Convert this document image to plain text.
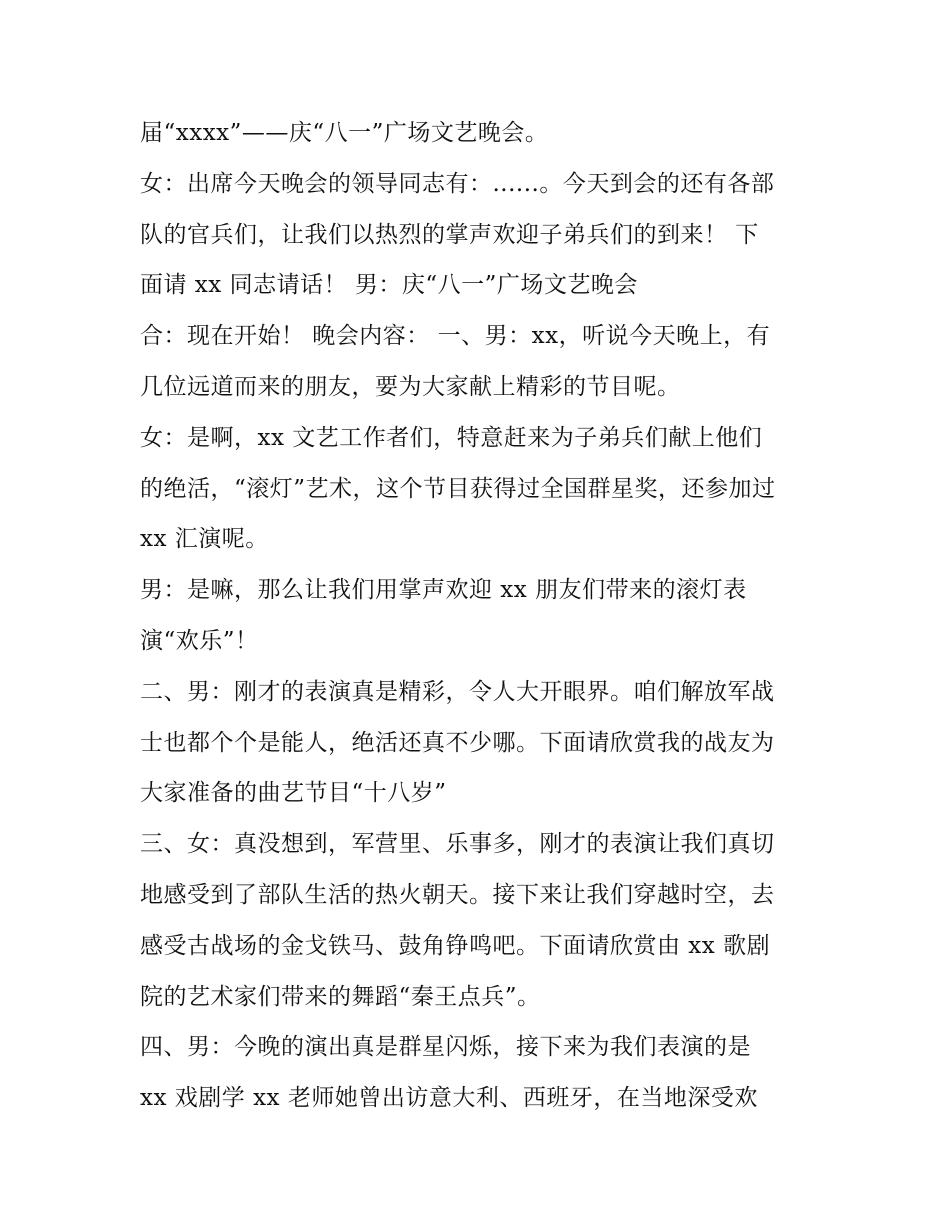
届“xxxx”——庆“八一”广场文艺晚会。
女：出席今天晚会的领导同志有：......。今天到会的还有各部
队的官兵们，让我们以热烈的掌声欢迎子弟兵们的到来！ 下
面请 xx 同志请话！ 男：庆“八一”广场文艺晚会
合：现在开始！ 晚会内容： 一、男：xx，听说今天晚上，有
几位远道而来的朋友，要为大家献上精彩的节目呢。
女：是啊，xx 文艺工作者们，特意赶来为子弟兵们献上他们
的绝活，“滚灯”艺术，这个节目获得过全国群星奖，还参加过
xx 汇演呢。
男：是嘛，那么让我们用掌声欢迎 xx 朋友们带来的滚灯表
演“欢乐”！
二、男：刚才的表演真是精彩，令人大开眼界。咱们解放军战
士也都个个是能人，绝活还真不少哪。下面请欣赏我的战友为
大家准备的曲艺节目“十八岁”
三、女：真没想到，军营里、乐事多，刚才的表演让我们真切
地感受到了部队生活的热火朝天。接下来让我们穿越时空，去
感受古战场的金戈铁马、鼓角铮鸣吧。下面请欣赏由 xx 歌剧
院的艺术家们带来的舞蹈“秦王点兵”。
四、男：今晚的演出真是群星闪烁，接下来为我们表演的是
xx 戏剧学 xx 老师她曾出访意大利、西班牙，在当地深受欢
